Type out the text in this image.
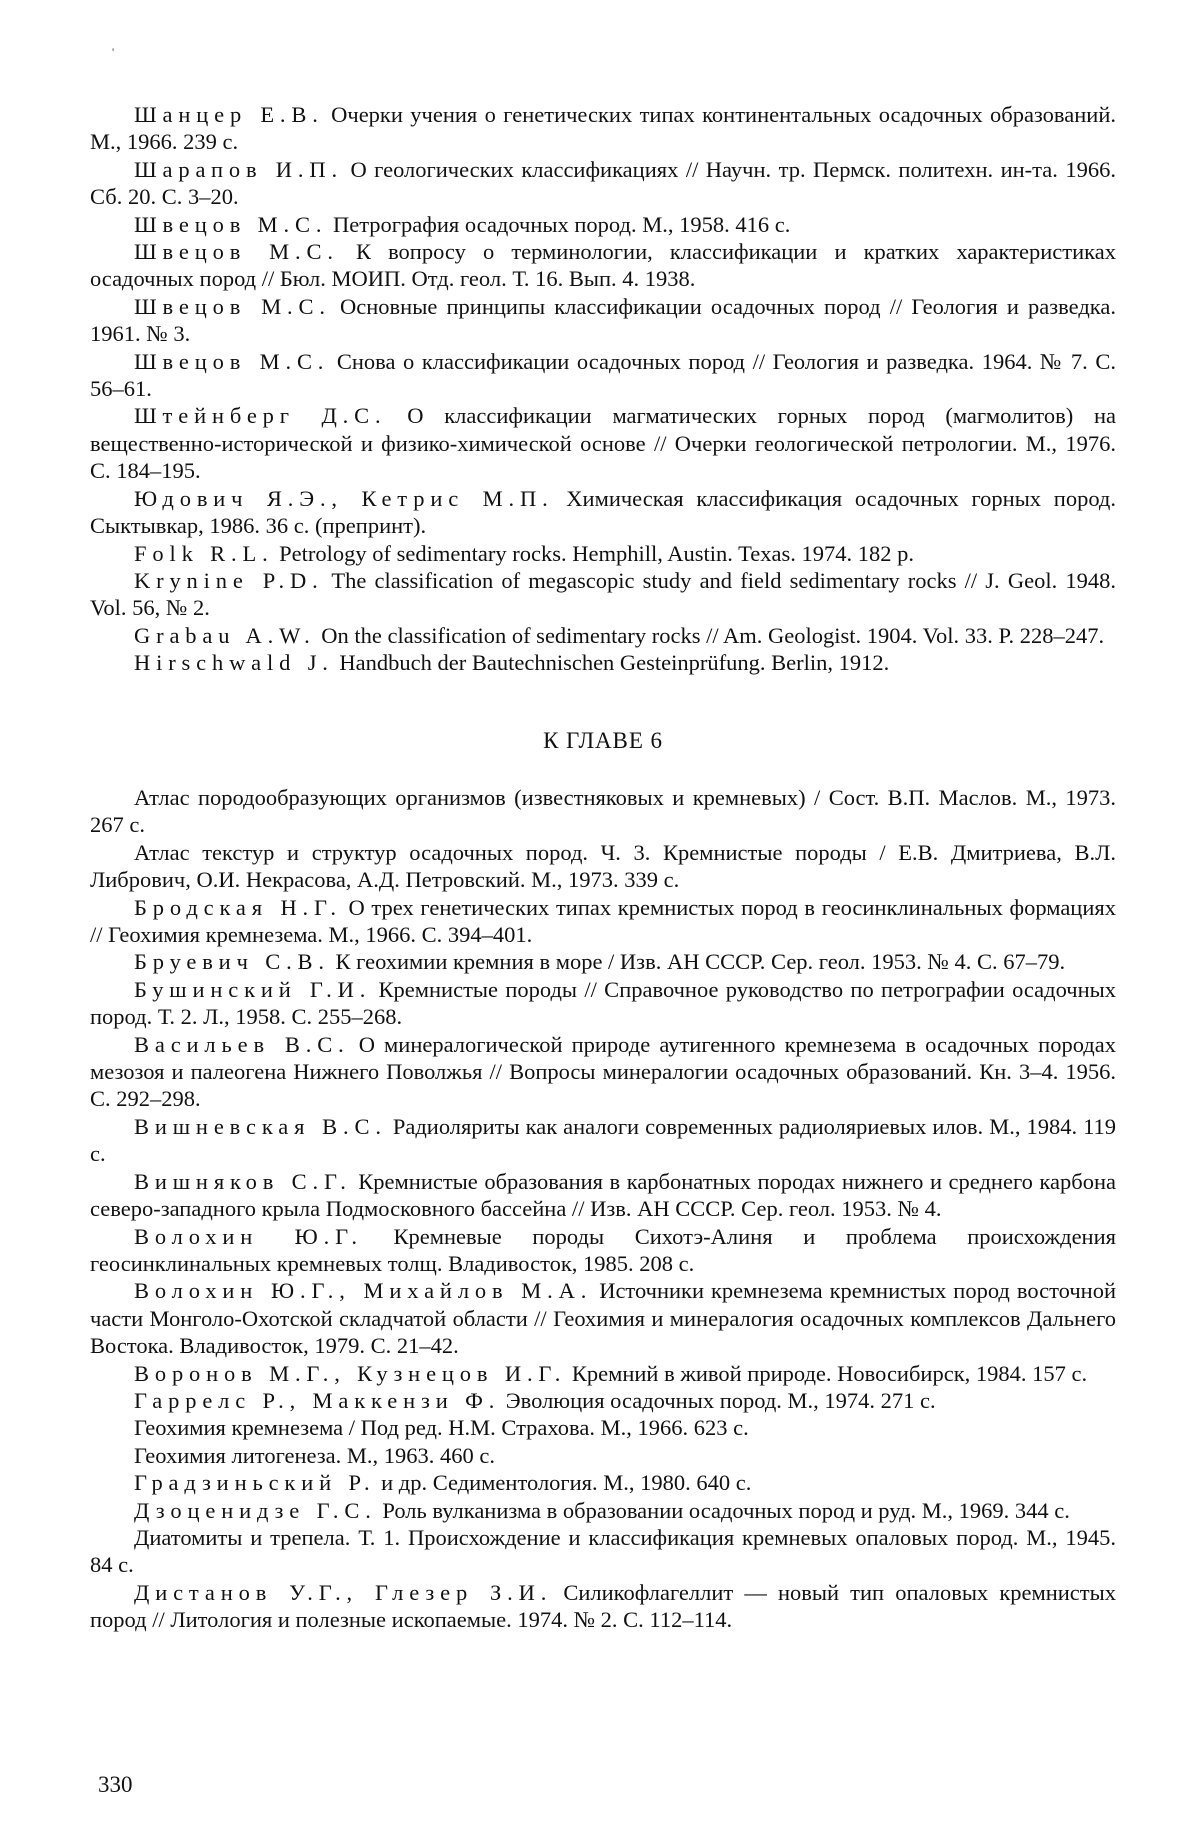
'

Шанцер Е.В. Очерки учения о генетических типах континентальных осадочных образований. М., 1966. 239 с.

Шарапов И.П. О геологических классификациях // Научн. тр. Пермск. политехн. ин-та. 1966. Сб. 20. С. 3–20.

Швецов М.С. Петрография осадочных пород. М., 1958. 416 с.

Швецов М.С. К вопросу о терминологии, классификации и кратких характеристиках осадочных пород // Бюл. МОИП. Отд. геол. Т. 16. Вып. 4. 1938.

Швецов М.С. Основные принципы классификации осадочных пород // Геология и разведка. 1961. № 3.

Швецов М.С. Снова о классификации осадочных пород // Геология и разведка. 1964. № 7. С. 56–61.

Штейнберг Д.С. О классификации магматических горных пород (магмолитов) на вещественно-исторической и физико-химической основе // Очерки геологической петрологии. М., 1976. С. 184–195.

Юдович Я.Э., Кетрис М.П. Химическая классификация осадочных горных пород. Сыктывкар, 1986. 36 с. (препринт).

Folk R.L. Petrology of sedimentary rocks. Hemphill, Austin. Texas. 1974. 182 p.

Krynine P.D. The classification of megascopic study and field sedimentary rocks // J. Geol. 1948. Vol. 56, № 2.

Grabau A.W. On the classification of sedimentary rocks // Am. Geologist. 1904. Vol. 33. P. 228–247.

Hirschwald J. Handbuch der Bautechnischen Gesteinprüfung. Berlin, 1912.

К ГЛАВЕ 6

Атлас породообразующих организмов (известняковых и кремневых) / Сост. В.П. Маслов. М., 1973. 267 с.

Атлас текстур и структур осадочных пород. Ч. 3. Кремнистые породы / Е.В. Дмитриева, В.Л. Либрович, О.И. Некрасова, А.Д. Петровский. М., 1973. 339 с.

Бродская Н.Г. О трех генетических типах кремнистых пород в геосинклинальных формациях // Геохимия кремнезема. М., 1966. С. 394–401.

Бруевич С.В. К геохимии кремния в море / Изв. АН СССР. Сер. геол. 1953. № 4. С. 67–79.

Бушинский Г.И. Кремнистые породы // Справочное руководство по петрографии осадочных пород. Т. 2. Л., 1958. С. 255–268.

Васильев В.С. О минералогической природе аутигенного кремнезема в осадочных породах мезозоя и палеогена Нижнего Поволжья // Вопросы минералогии осадочных образований. Кн. 3–4. 1956. С. 292–298.

Вишневская В.С. Радиоляриты как аналоги современных радиоляриевых илов. М., 1984. 119 с.

Вишняков С.Г. Кремнистые образования в карбонатных породах нижнего и среднего карбона северо-западного крыла Подмосковного бассейна // Изв. АН СССР. Сер. геол. 1953. № 4.

Волохин Ю.Г. Кремневые породы Сихотэ-Алиня и проблема происхождения геосинклинальных кремневых толщ. Владивосток, 1985. 208 с.

Волохин Ю.Г., Михайлов М.А. Источники кремнезема кремнистых пород восточной части Монголо-Охотской складчатой области // Геохимия и минералогия осадочных комплексов Дальнего Востока. Владивосток, 1979. С. 21–42.

Воронов М.Г., Кузнецов И.Г. Кремний в живой природе. Новосибирск, 1984. 157 с.

Гаррелс Р., Маккензи Ф. Эволюция осадочных пород. М., 1974. 271 с.

Геохимия кремнезема / Под ред. Н.М. Страхова. М., 1966. 623 с.

Геохимия литогенеза. М., 1963. 460 с.

Градзиньский Р. и др. Седиментология. М., 1980. 640 с.

Дзоценидзе Г.С. Роль вулканизма в образовании осадочных пород и руд. М., 1969. 344 с.

Диатомиты и трепела. Т. 1. Происхождение и классификация кремневых опаловых пород. М., 1945. 84 с.

Дистанов У.Г., Глезер З.И. Силикофлагеллит — новый тип опаловых кремнистых пород // Литология и полезные ископаемые. 1974. № 2. С. 112–114.

330
